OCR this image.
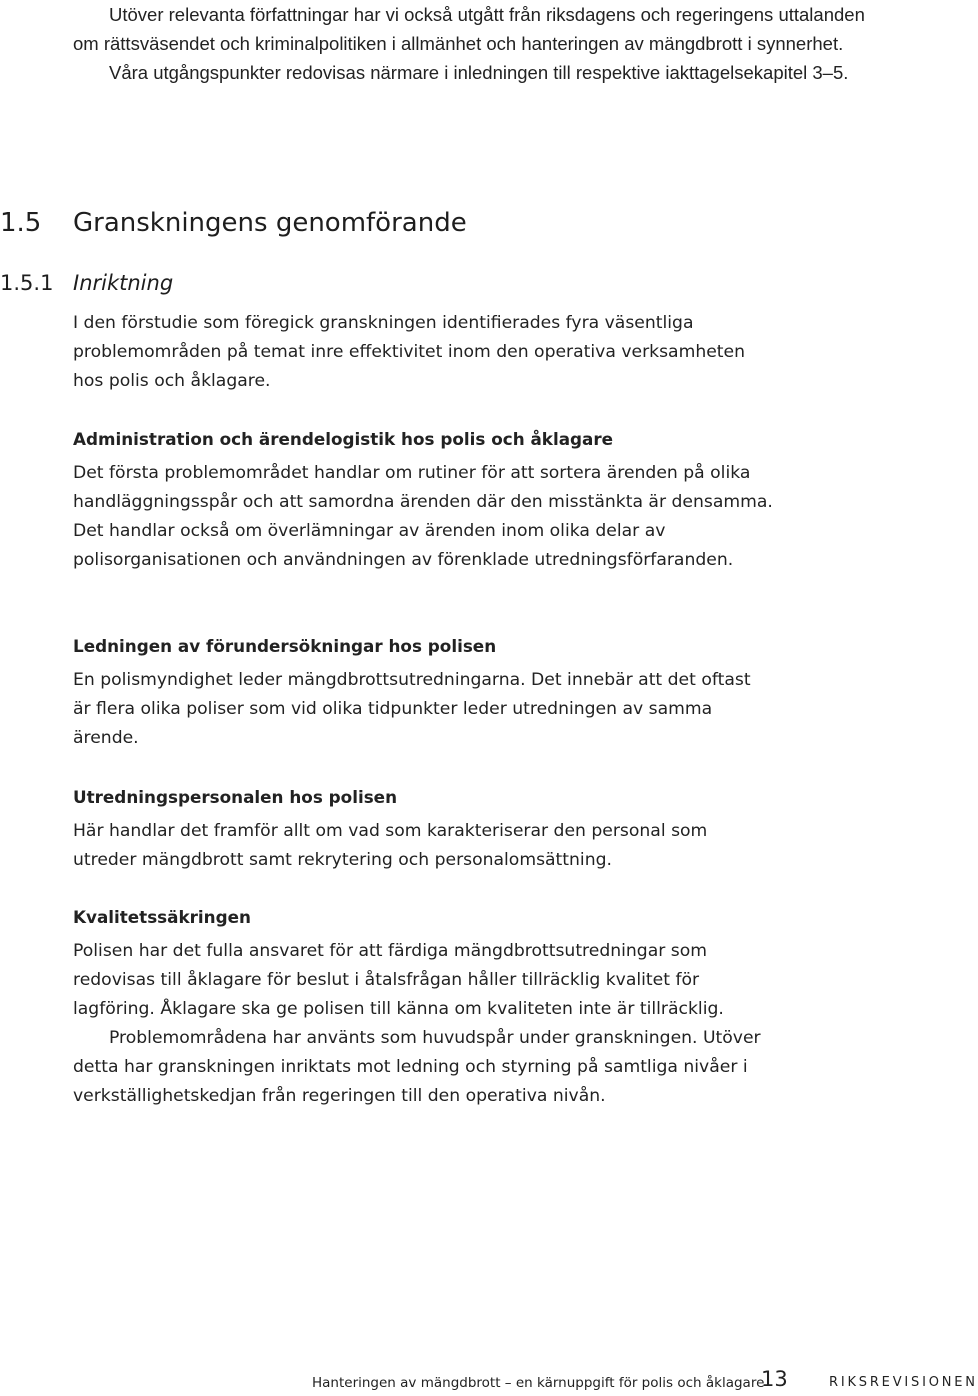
Utöver relevanta författningar har vi också utgått från riksdagens och regeringens uttalanden om rättsväsendet och kriminalpolitiken i allmänhet och hanteringen av mängdbrott i synnerhet.

Våra utgångspunkter redovisas närmare i inledningen till respektive iakttagelsekapitel 3–5.

1.5 Granskningens genomförande
1.5.1 Inriktning

I den förstudie som föregick granskningen identifierades fyra väsentliga problemområden på temat inre effektivitet inom den operativa verksamheten hos polis och åklagare.

Administration och ärendelogistik hos polis och åklagare

Det första problemområdet handlar om rutiner för att sortera ärenden på olika handläggningsspår och att samordna ärenden där den misstänkta är densamma. Det handlar också om överlämningar av ärenden inom olika delar av polisorganisationen och användningen av förenklade utredningsförfaranden.

Ledningen av förundersökningar hos polisen

En polismyndighet leder mängdbrottsutredningarna. Det innebär att det oftast är flera olika poliser som vid olika tidpunkter leder utredningen av samma ärende.

Utredningspersonalen hos polisen

Här handlar det framför allt om vad som karakteriserar den personal som utreder mängdbrott samt rekrytering och personalomsättning.

Kvalitetssäkringen

Polisen har det fulla ansvaret för att färdiga mängdbrottsutredningar som redovisas till åklagare för beslut i åtalsfrågan håller tillräcklig kvalitet för lagföring. Åklagare ska ge polisen till känna om kvaliteten inte är tillräcklig.

Problemområdena har använts som huvudspår under granskningen. Utöver detta har granskningen inriktats mot ledning och styrning på samtliga nivåer i verkställighetskedjan från regeringen till den operativa nivån.

Hanteringen av mängdbrott – en kärnuppgift för polis och åklagare
13	RIKSREVISIONEN
